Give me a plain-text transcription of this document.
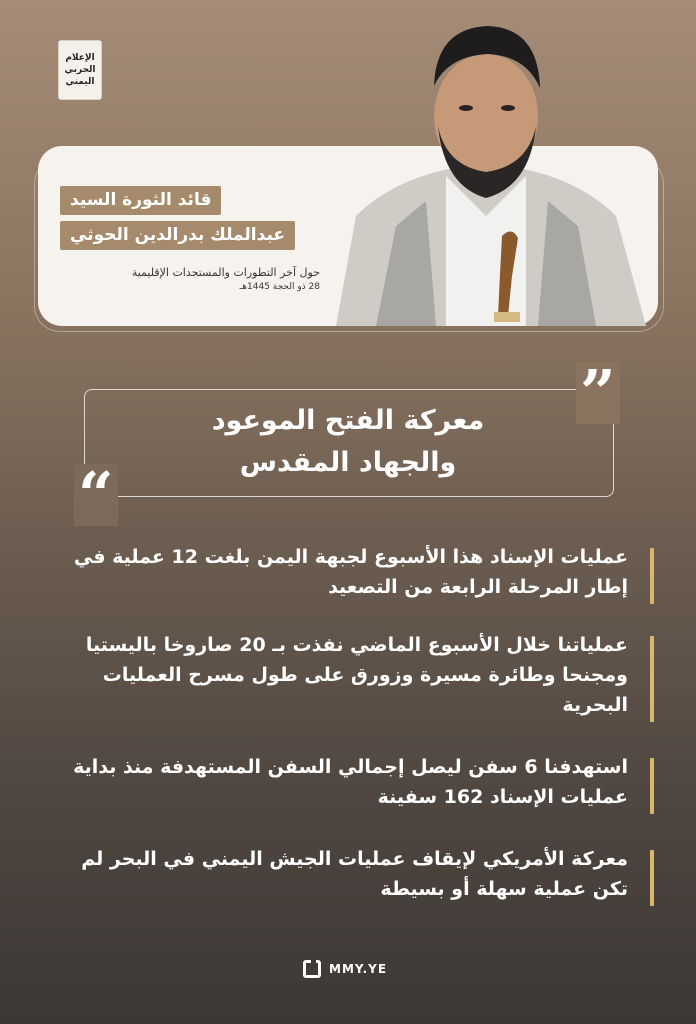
الإعلام
الحربي
اليمني
قائد الثورة السيد
عبدالملك بدرالدين الحوثي
حول آخر التطورات والمستجدات الإقليمية
28 ذو الحجة 1445هـ
معركة الفتح الموعود
والجهاد المقدس
”
“
عمليات الإسناد هذا الأسبوع لجبهة اليمن بلغت 12 عملية في إطار المرحلة الرابعة من التصعيد
عملياتنا خلال الأسبوع الماضي نفذت بـ 20 صاروخا باليستيا ومجنحا وطائرة مسيرة وزورق على طول مسرح العمليات البحرية
استهدفنا 6 سفن ليصل إجمالي السفن المستهدفة منذ بداية عمليات الإسناد 162 سفينة
معركة الأمريكي لإيقاف عمليات الجيش اليمني في البحر لم تكن عملية سهلة أو بسيطة
MMY.YE
